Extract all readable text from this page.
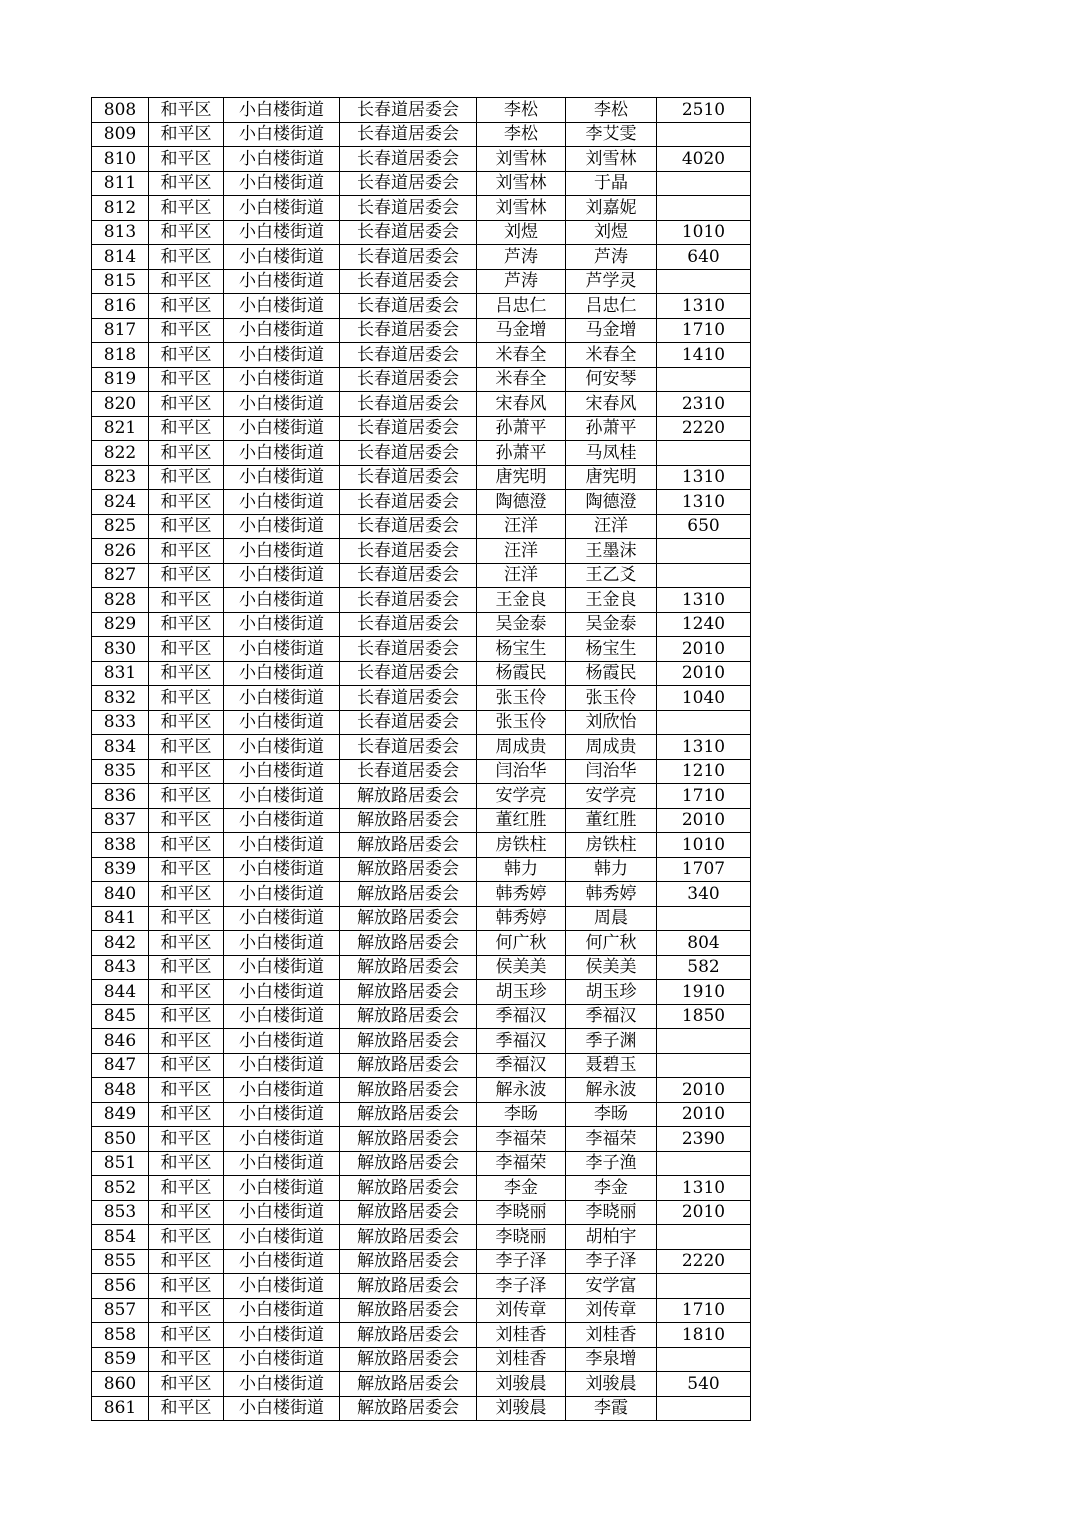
808	和平区	小白楼街道	长春道居委会	李松	李松	2510
809	和平区	小白楼街道	长春道居委会	李松	李艾雯	
810	和平区	小白楼街道	长春道居委会	刘雪林	刘雪林	4020
811	和平区	小白楼街道	长春道居委会	刘雪林	于晶	
812	和平区	小白楼街道	长春道居委会	刘雪林	刘嘉妮	
813	和平区	小白楼街道	长春道居委会	刘煜	刘煜	1010
814	和平区	小白楼街道	长春道居委会	芦涛	芦涛	640
815	和平区	小白楼街道	长春道居委会	芦涛	芦学灵	
816	和平区	小白楼街道	长春道居委会	吕忠仁	吕忠仁	1310
817	和平区	小白楼街道	长春道居委会	马金增	马金增	1710
818	和平区	小白楼街道	长春道居委会	米春全	米春全	1410
819	和平区	小白楼街道	长春道居委会	米春全	何安琴	
820	和平区	小白楼街道	长春道居委会	宋春风	宋春风	2310
821	和平区	小白楼街道	长春道居委会	孙萧平	孙萧平	2220
822	和平区	小白楼街道	长春道居委会	孙萧平	马凤桂	
823	和平区	小白楼街道	长春道居委会	唐宪明	唐宪明	1310
824	和平区	小白楼街道	长春道居委会	陶德澄	陶德澄	1310
825	和平区	小白楼街道	长春道居委会	汪洋	汪洋	650
826	和平区	小白楼街道	长春道居委会	汪洋	王墨沫	
827	和平区	小白楼街道	长春道居委会	汪洋	王乙爻	
828	和平区	小白楼街道	长春道居委会	王金良	王金良	1310
829	和平区	小白楼街道	长春道居委会	吴金泰	吴金泰	1240
830	和平区	小白楼街道	长春道居委会	杨宝生	杨宝生	2010
831	和平区	小白楼街道	长春道居委会	杨霞民	杨霞民	2010
832	和平区	小白楼街道	长春道居委会	张玉伶	张玉伶	1040
833	和平区	小白楼街道	长春道居委会	张玉伶	刘欣怡	
834	和平区	小白楼街道	长春道居委会	周成贵	周成贵	1310
835	和平区	小白楼街道	长春道居委会	闫治华	闫治华	1210
836	和平区	小白楼街道	解放路居委会	安学亮	安学亮	1710
837	和平区	小白楼街道	解放路居委会	董红胜	董红胜	2010
838	和平区	小白楼街道	解放路居委会	房铁柱	房铁柱	1010
839	和平区	小白楼街道	解放路居委会	韩力	韩力	1707
840	和平区	小白楼街道	解放路居委会	韩秀婷	韩秀婷	340
841	和平区	小白楼街道	解放路居委会	韩秀婷	周晨	
842	和平区	小白楼街道	解放路居委会	何广秋	何广秋	804
843	和平区	小白楼街道	解放路居委会	侯美美	侯美美	582
844	和平区	小白楼街道	解放路居委会	胡玉珍	胡玉珍	1910
845	和平区	小白楼街道	解放路居委会	季福汉	季福汉	1850
846	和平区	小白楼街道	解放路居委会	季福汉	季子渊	
847	和平区	小白楼街道	解放路居委会	季福汉	聂碧玉	
848	和平区	小白楼街道	解放路居委会	解永波	解永波	2010
849	和平区	小白楼街道	解放路居委会	李旸	李旸	2010
850	和平区	小白楼街道	解放路居委会	李福荣	李福荣	2390
851	和平区	小白楼街道	解放路居委会	李福荣	李子渔	
852	和平区	小白楼街道	解放路居委会	李金	李金	1310
853	和平区	小白楼街道	解放路居委会	李晓丽	李晓丽	2010
854	和平区	小白楼街道	解放路居委会	李晓丽	胡柏宇	
855	和平区	小白楼街道	解放路居委会	李子泽	李子泽	2220
856	和平区	小白楼街道	解放路居委会	李子泽	安学富	
857	和平区	小白楼街道	解放路居委会	刘传章	刘传章	1710
858	和平区	小白楼街道	解放路居委会	刘桂香	刘桂香	1810
859	和平区	小白楼街道	解放路居委会	刘桂香	李泉增	
860	和平区	小白楼街道	解放路居委会	刘骏晨	刘骏晨	540
861	和平区	小白楼街道	解放路居委会	刘骏晨	李霞	
